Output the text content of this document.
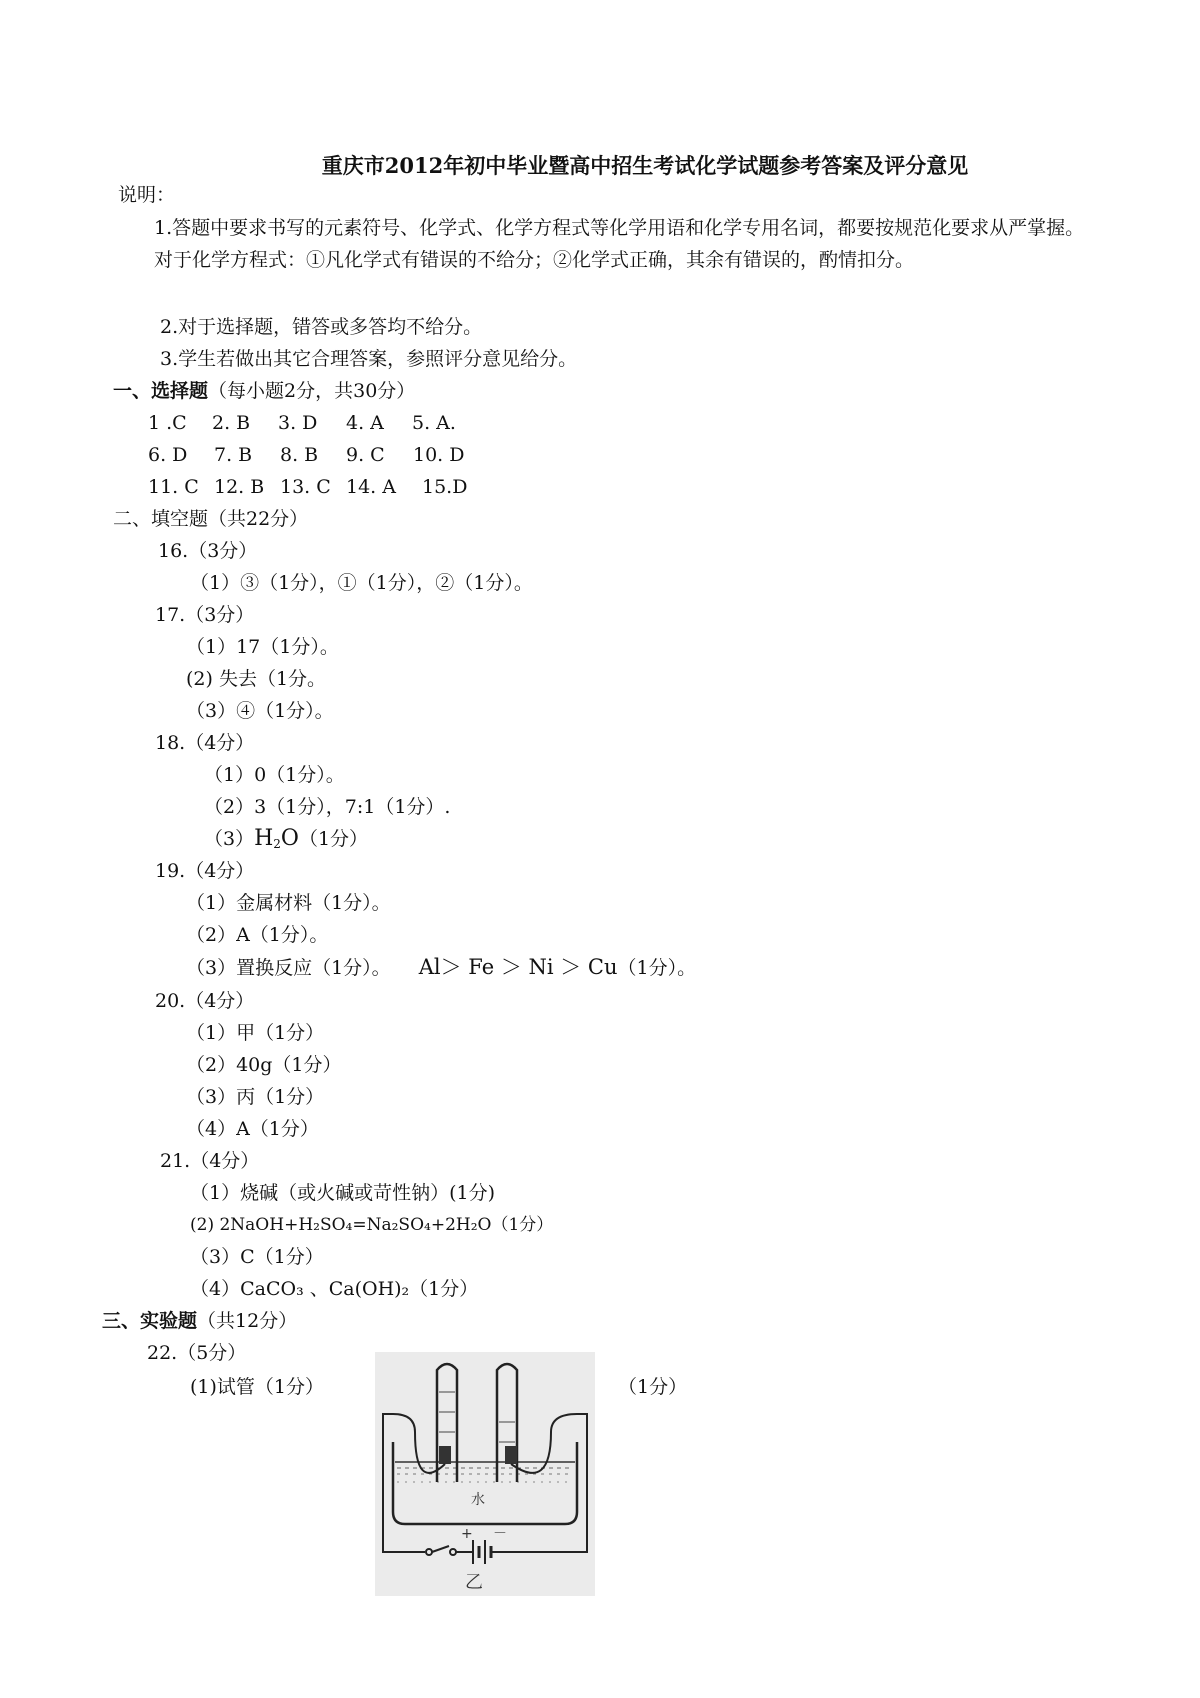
重庆市2012年初中毕业暨高中招生考试化学试题参考答案及评分意见
说明：
1.答题中要求书写的元素符号、化学式、化学方程式等化学用语和化学专用名词，都要按规范化要求从严掌握。对于化学方程式：①凡化学式有错误的不给分；②化学式正确，其余有错误的，酌情扣分。
2.对于选择题，错答或多答均不给分。
3.学生若做出其它合理答案，参照评分意见给分。
一、选择题（每小题2分，共30分）
1 .C	2. B	3. D	4. A	5. A.
6. D	7. B	8. B	9. C	10. D
11. C 12. B 13. C 14. A	15.D
二、填空题（共22分）
16.（3分）
（1）③（1分），①（1分），②（1分）。
17.（3分）
（1）17（1分）。
(2) 失去（1分。
（3）④（1分）。
18.（4分）
（1）0（1分）。
（2）3（1分），7:1（1分）.
$(3)H_2O(1$分）
19.（4分）
（1）金属材料（1分）。
（2）A（1分）。
（3）置换反应（1分）。 Al＞ Fe ＞ Ni ＞ Cu（1分）。
20.（4分）
（1）甲（1分）
（2）40g（1分）
（3）丙（1分）
（4）A（1分）
21.（4分）
（1）烧碱（或火碱或苛性钠）(1分)
(2) 2NaOH+H₂SO₄=Na₂SO₄+2H₂O（1分）
（3）C（1分）
（4）CaCO₃ 、Ca(OH)₂（1分）
三、实验题（共12分）
22.（5分）
(1)试管（1分）	（1分）
水
+ －
乙
